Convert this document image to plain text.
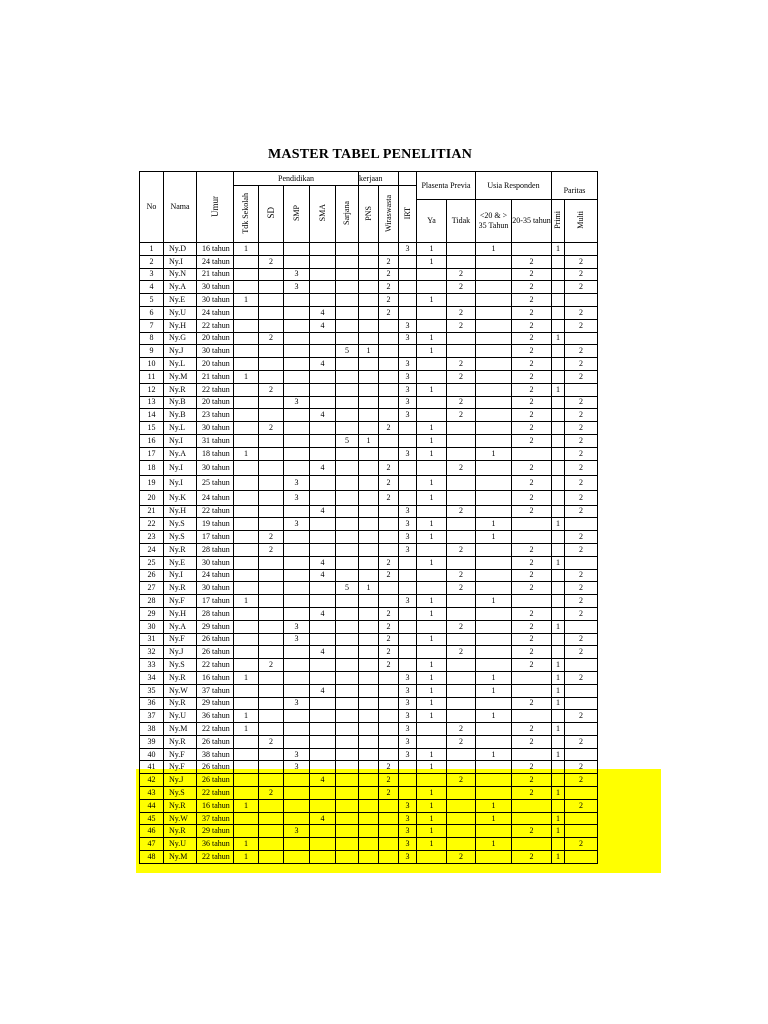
MASTER TABEL PENELITIAN
No	Nama	Umur	Pendidikan					kerjaan			Plasenta Previa		Usia Responden		Paritas	
			Tdk Sekolah	SD	SMP	SMA	Sarjana	PNS	Wiraswasta	IRT						
											Ya	Tidak	<20 & > 35 Tahun	20-35 tahun	Primi	Multi
1	Ny.D	16 tahun	1							3	1		1		1	
2	Ny.I	24 tahun		2					2		1			2		2
3	Ny.N	21 tahun			3				2			2		2		2
4	Ny.A	30 tahun			3				2			2		2		2
5	Ny.E	30 tahun	1						2		1			2		
6	Ny.U	24 tahun				4			2			2		2		2
7	Ny.H	22 tahun				4				3		2		2		2
8	Ny.G	20 tahun		2						3	1			2	1	
9	Ny.J	30 tahun					5	1			1			2		2
10	Ny.L	20 tahun				4				3		2		2		2
11	Ny.M	21 tahun	1							3		2		2		2
12	Ny.R	22 tahun		2						3	1			2	1	
13	Ny.B	20 tahun			3					3		2		2		2
14	Ny.B	23 tahun				4				3		2		2		2
15	Ny.L	30 tahun		2					2		1			2		2
16	Ny.I	31 tahun					5	1			1			2		2
17	Ny.A	18 tahun	1							3	1		1			2
18	Ny.I	30 tahun				4			2			2		2		2
19	Ny.I	25 tahun			3				2		1			2		2
20	Ny.K	24 tahun			3				2		1			2		2
21	Ny.H	22 tahun				4				3		2		2		2
22	Ny.S	19 tahun			3					3	1		1		1	
23	Ny.S	17 tahun		2						3	1		1			2
24	Ny.R	28 tahun		2						3		2		2		2
25	Ny.E	30 tahun				4			2		1			2	1	
26	Ny.I	24 tahun				4			2			2		2		2
27	Ny.R	30 tahun					5	1				2		2		2
28	Ny.F	17 tahun	1							3	1		1			2
29	Ny.H	28 tahun				4			2		1			2		2
30	Ny.A	29 tahun			3				2			2		2	1	
31	Ny.F	26 tahun			3				2		1			2		2
32	Ny.J	26 tahun				4			2			2		2		2
33	Ny.S	22 tahun		2					2		1			2	1	
34	Ny.R	16 tahun	1							3	1		1		1	2
35	Ny.W	37 tahun				4				3	1		1		1	
36	Ny.R	29 tahun			3					3	1			2	1	
37	Ny.U	36 tahun	1							3	1		1			2
38	Ny.M	22 tahun	1							3		2		2	1	
39	Ny.R	26 tahun		2						3		2		2		2
40	Ny.F	38 tahun			3					3	1		1		1	
41	Ny.F	26 tahun			3				2		1			2		2
42	Ny.J	26 tahun				4			2			2		2		2
43	Ny.S	22 tahun		2					2		1			2	1	
44	Ny.R	16 tahun	1							3	1		1			2
45	Ny.W	37 tahun				4				3	1		1		1	
46	Ny.R	29 tahun			3					3	1			2	1	
47	Ny.U	36 tahun	1							3	1		1			2
48	Ny.M	22 tahun	1							3		2		2	1	
